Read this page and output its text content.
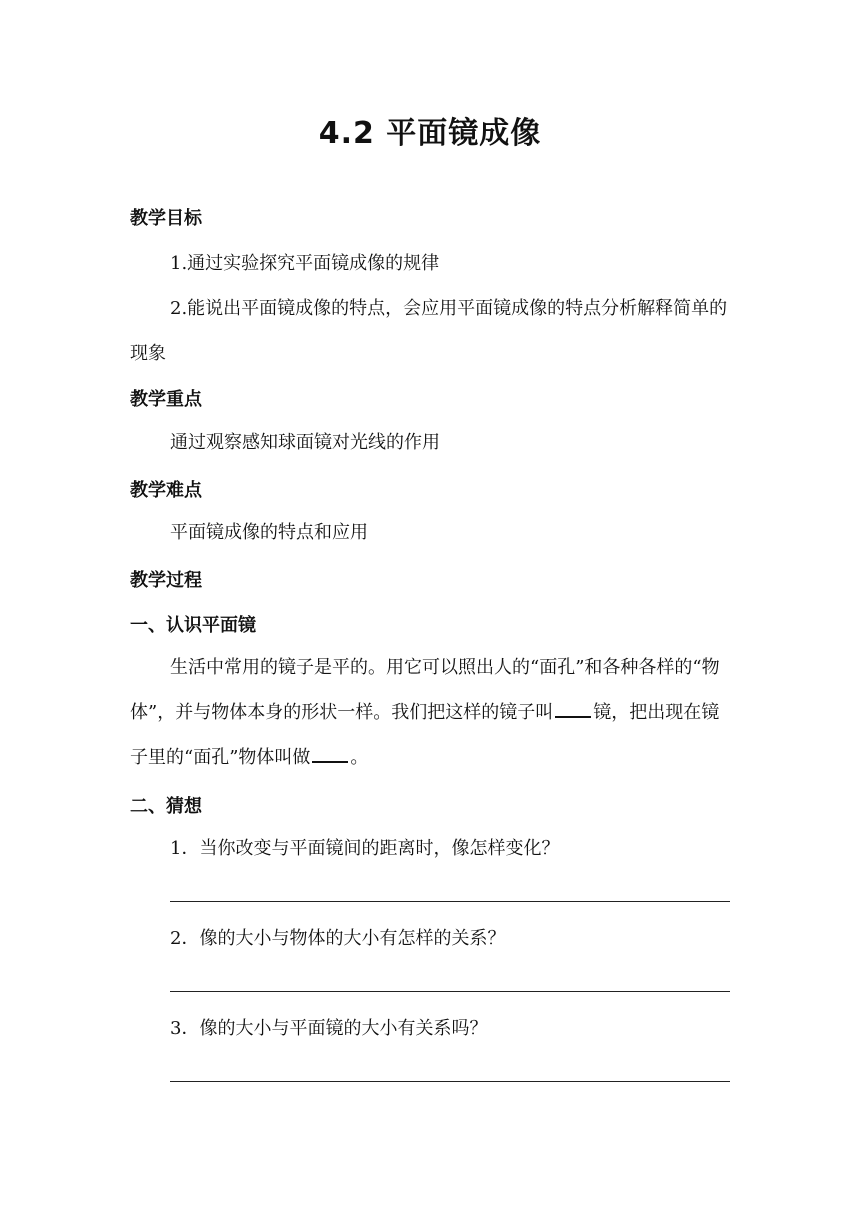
4.2 平面镜成像
教学目标
1.通过实验探究平面镜成像的规律
2.能说出平面镜成像的特点，会应用平面镜成像的特点分析解释简单的现象
教学重点
通过观察感知球面镜对光线的作用
教学难点
平面镜成像的特点和应用
教学过程
一、认识平面镜
生活中常用的镜子是平的。用它可以照出人的“面孔”和各种各样的“物体”，并与物体本身的形状一样。我们把这样的镜子叫 镜，把出现在镜子里的“面孔”物体叫做 。
二、猜想
1．当你改变与平面镜间的距离时，像怎样变化？
2．像的大小与物体的大小有怎样的关系？
3．像的大小与平面镜的大小有关系吗？
